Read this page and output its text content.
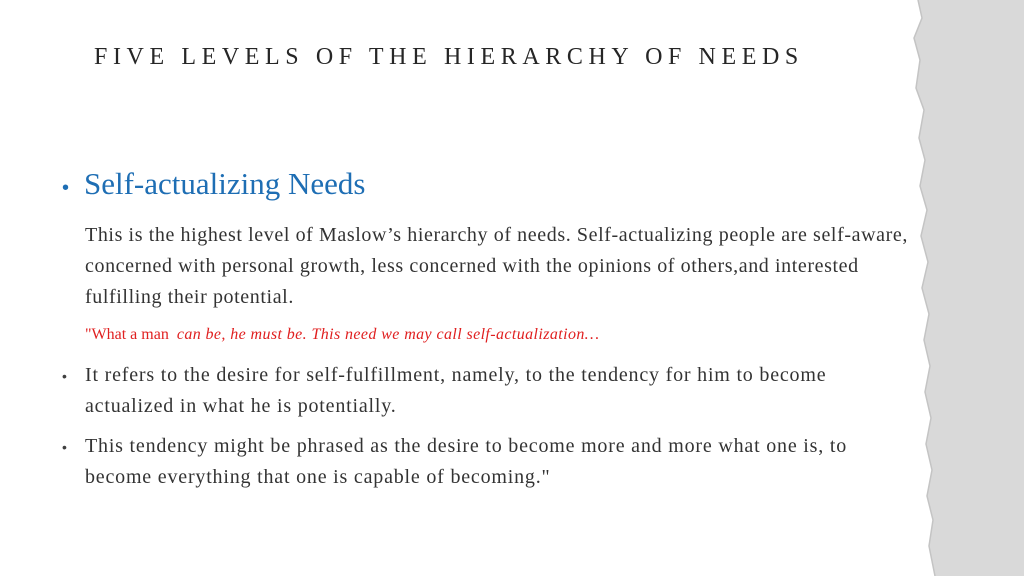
FIVE LEVELS OF THE HIERARCHY OF NEEDS
• Self-actualizing Needs

This is the highest level of Maslow’s hierarchy of needs. Self-actualizing people are self-aware, concerned with personal growth, less concerned with the opinions of others,and interested fulfilling their potential.

"What a man can be, he must be. This need we may call self-actualization…

• It refers to the desire for self-fulfillment, namely, to the tendency for him to become actualized in what he is potentially.
• This tendency might be phrased as the desire to become more and more what one is, to become everything that one is capable of becoming."
